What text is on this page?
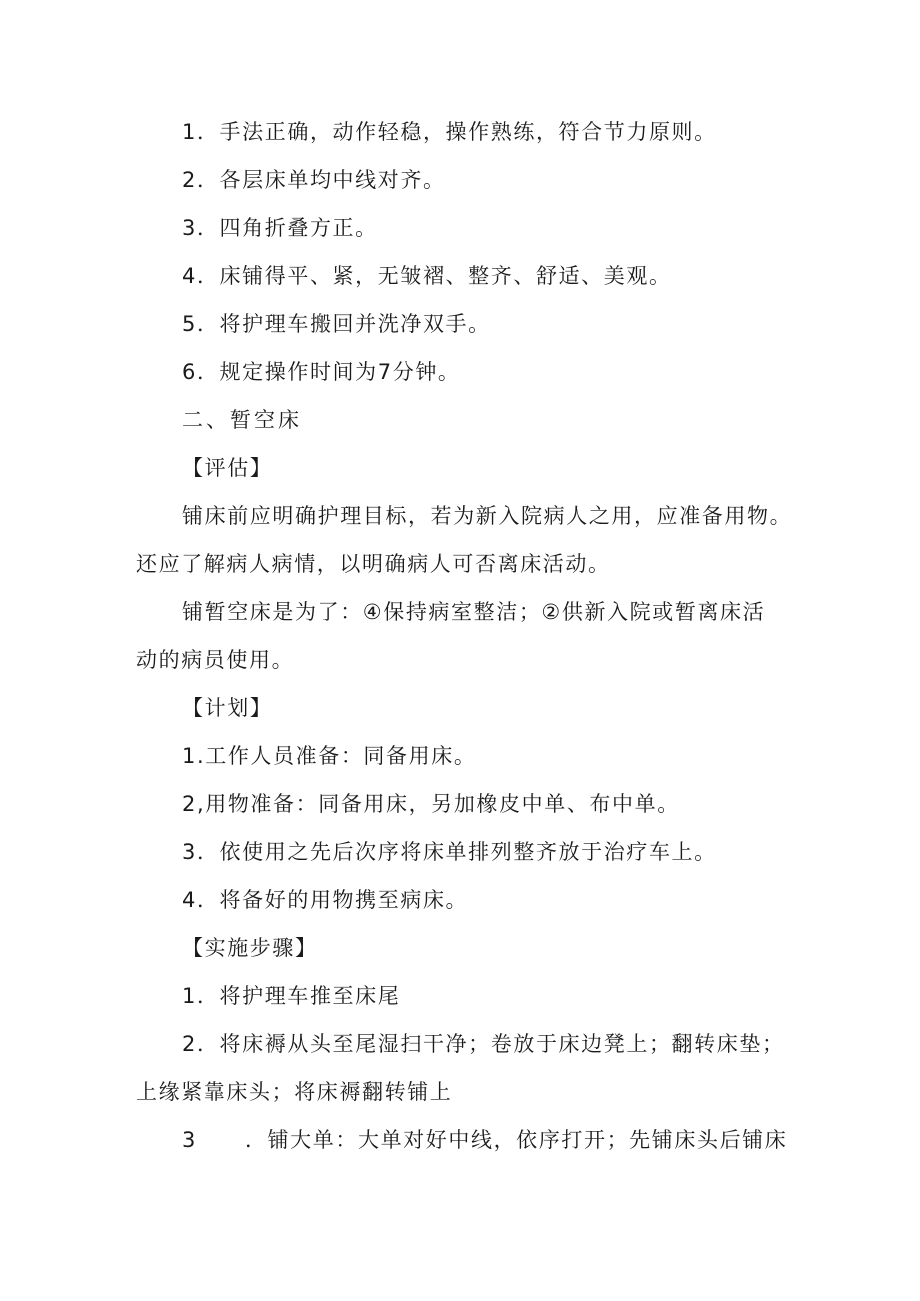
1．手法正确，动作轻稳，操作熟练，符合节力原则。
2．各层床单均中线对齐。
3．四角折叠方正。
4．床铺得平、紧，无皱褶、整齐、舒适、美观。
5．将护理车搬回并洗净双手。
6．规定操作时间为7分钟。
二、暂空床
【评估】
铺床前应明确护理目标，若为新入院病人之用，应准备用物。
还应了解病人病情，以明确病人可否离床活动。
铺暂空床是为了：④保持病室整洁；②供新入院或暂离床活
动的病员使用。
【计划】
1.工作人员准备：同备用床。
2,用物准备：同备用床，另加橡皮中单、布中单。
3．依使用之先后次序将床单排列整齐放于治疗车上。
4．将备好的用物携至病床。
【实施步骤】
1．将护理车推至床尾
2．将床褥从头至尾湿扫干净；卷放于床边凳上；翻转床垫；
上缘紧靠床头；将床褥翻转铺上
3 ．铺大单：大单对好中线，依序打开；先铺床头后铺床
